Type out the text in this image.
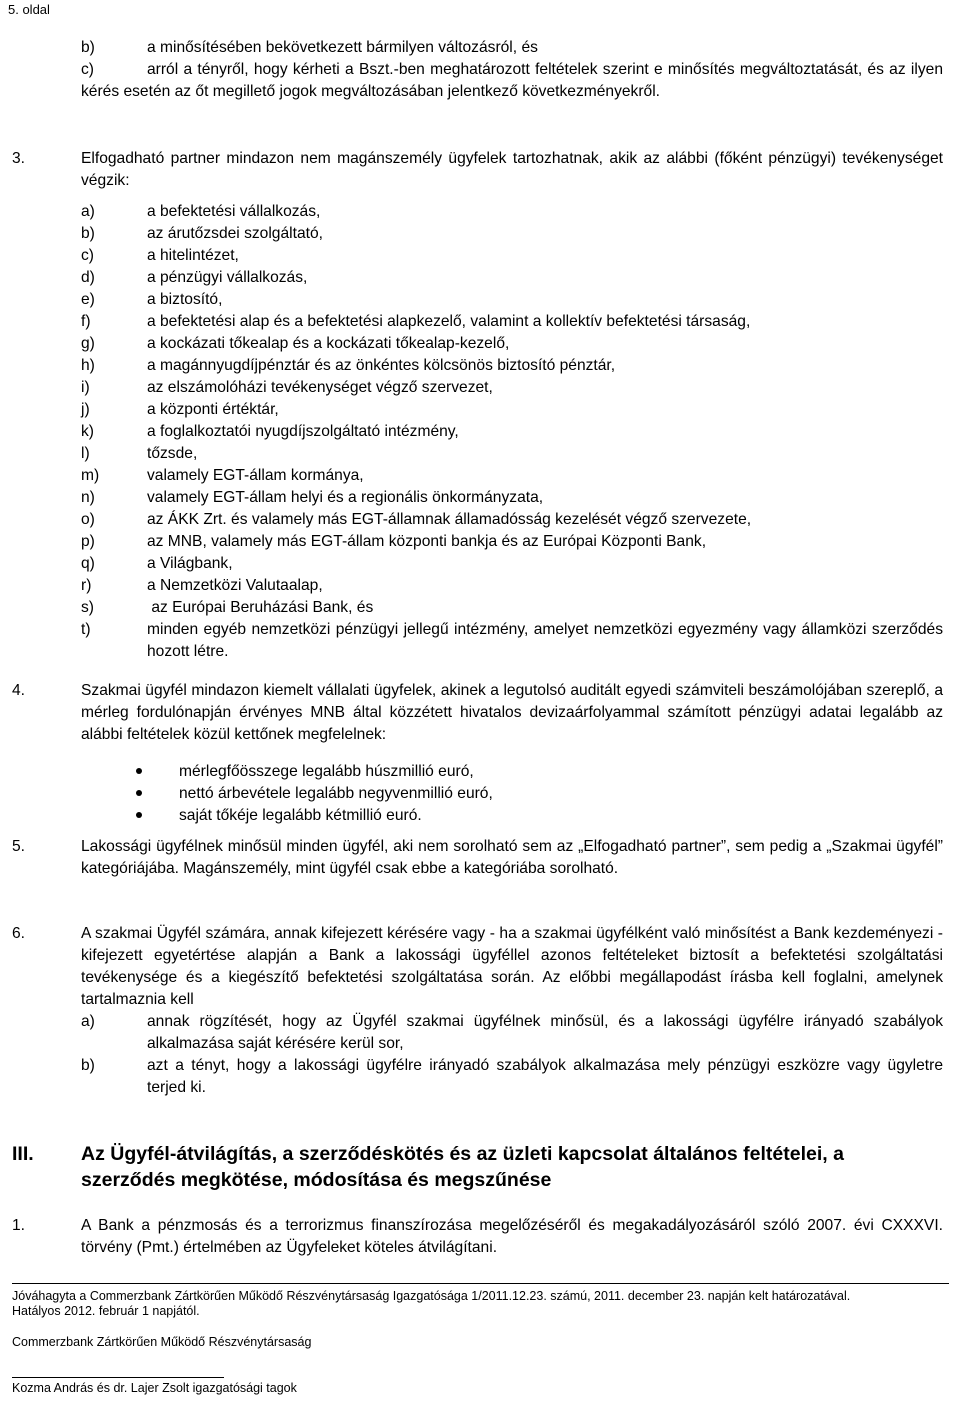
5. oldal
b)	a minősítésében bekövetkezett bármilyen változásról, és
c)	arról a tényről, hogy kérheti a Bszt.-ben meghatározott feltételek szerint e minősítés megváltoztatását, és az ilyen kérés esetén az őt megillető jogok megváltozásában jelentkező következményekről.
3.	Elfogadható partner mindazon nem magánszemély ügyfelek tartozhatnak, akik az alábbi (főként pénzügyi) tevékenységet végzik:
a)	a befektetési vállalkozás,
b)	az árutőzsdei szolgáltató,
c)	a hitelintézet,
d)	a pénzügyi vállalkozás,
e)	a biztosító,
f)	a befektetési alap és a befektetési alapkezelő, valamint a kollektív befektetési társaság,
g)	a kockázati tőkealap és a kockázati tőkealap-kezelő,
h)	a magánnyugdíjpénztár és az önkéntes kölcsönös biztosító pénztár,
i)	az elszámolóházi tevékenységet végző szervezet,
j)	a központi értéktár,
k)	a foglalkoztatói nyugdíjszolgáltató intézmény,
l)	tőzsde,
m)	valamely EGT-állam kormánya,
n)	valamely EGT-állam helyi és a regionális önkormányzata,
o)	az ÁKK Zrt. és valamely más EGT-államnak államadósság kezelését végző szervezete,
p)	az MNB, valamely más EGT-állam központi bankja és az Európai Központi Bank,
q)	a Világbank,
r)	a Nemzetközi Valutaalap,
s)	az Európai Beruházási Bank, és
t)	minden egyéb nemzetközi pénzügyi jellegű intézmény, amelyet nemzetközi egyezmény vagy államközi szerződés hozott létre.
4.	Szakmai ügyfél mindazon kiemelt vállalati ügyfelek, akinek a legutolsó auditált egyedi számviteli beszámolójában szereplő, a mérleg fordulónapján érvényes MNB által közzétett hivatalos devizaárfolyammal számított pénzügyi adatai legalább az alábbi feltételek közül kettőnek megfelelnek:
mérlegfőösszege legalább húszmillió euró,
nettó árbevétele legalább negyvenmillió euró,
saját tőkéje legalább kétmillió euró.
5.	Lakossági ügyfélnek minősül minden ügyfél, aki nem sorolható sem az „Elfogadható partner”, sem pedig a „Szakmai ügyfél” kategóriájába. Magánszemély, mint ügyfél csak ebbe a kategóriába sorolható.
6.	A szakmai Ügyfél számára, annak kifejezett kérésére vagy - ha a szakmai ügyfélként való minősítést a Bank kezdeményezi - kifejezett egyetértése alapján a Bank a lakossági ügyféllel azonos feltételeket biztosít a befektetési szolgáltatási tevékenysége és a kiegészítő befektetési szolgáltatása során. Az előbbi megállapodást írásba kell foglalni, amelynek tartalmaznia kell
a)	annak rögzítését, hogy az Ügyfél szakmai ügyfélnek minősül, és a lakossági ügyfélre irányadó szabályok alkalmazása saját kérésére kerül sor,
b)	azt a tényt, hogy a lakossági ügyfélre irányadó szabályok alkalmazása mely pénzügyi eszközre vagy ügyletre terjed ki.
III. Az Ügyfél-átvilágítás, a szerződéskötés és az üzleti kapcsolat általános feltételei, a szerződés megkötése, módosítása és megszűnése
1.	A Bank a pénzmosás és a terrorizmus finanszírozása megelőzéséről és megakadályozásáról szóló 2007. évi CXXXVI. törvény (Pmt.) értelmében az Ügyfeleket köteles átvilágítani.
Jóváhagyta a Commerzbank Zártkörűen Működő Részvénytársaság Igazgatósága 1/2011.12.23. számú, 2011. december 23. napján kelt határozatával.
Hatályos 2012. február 1 napjától.
Commerzbank Zártkörűen Működő Részvénytársaság
Kozma András és dr. Lajer Zsolt igazgatósági tagok
